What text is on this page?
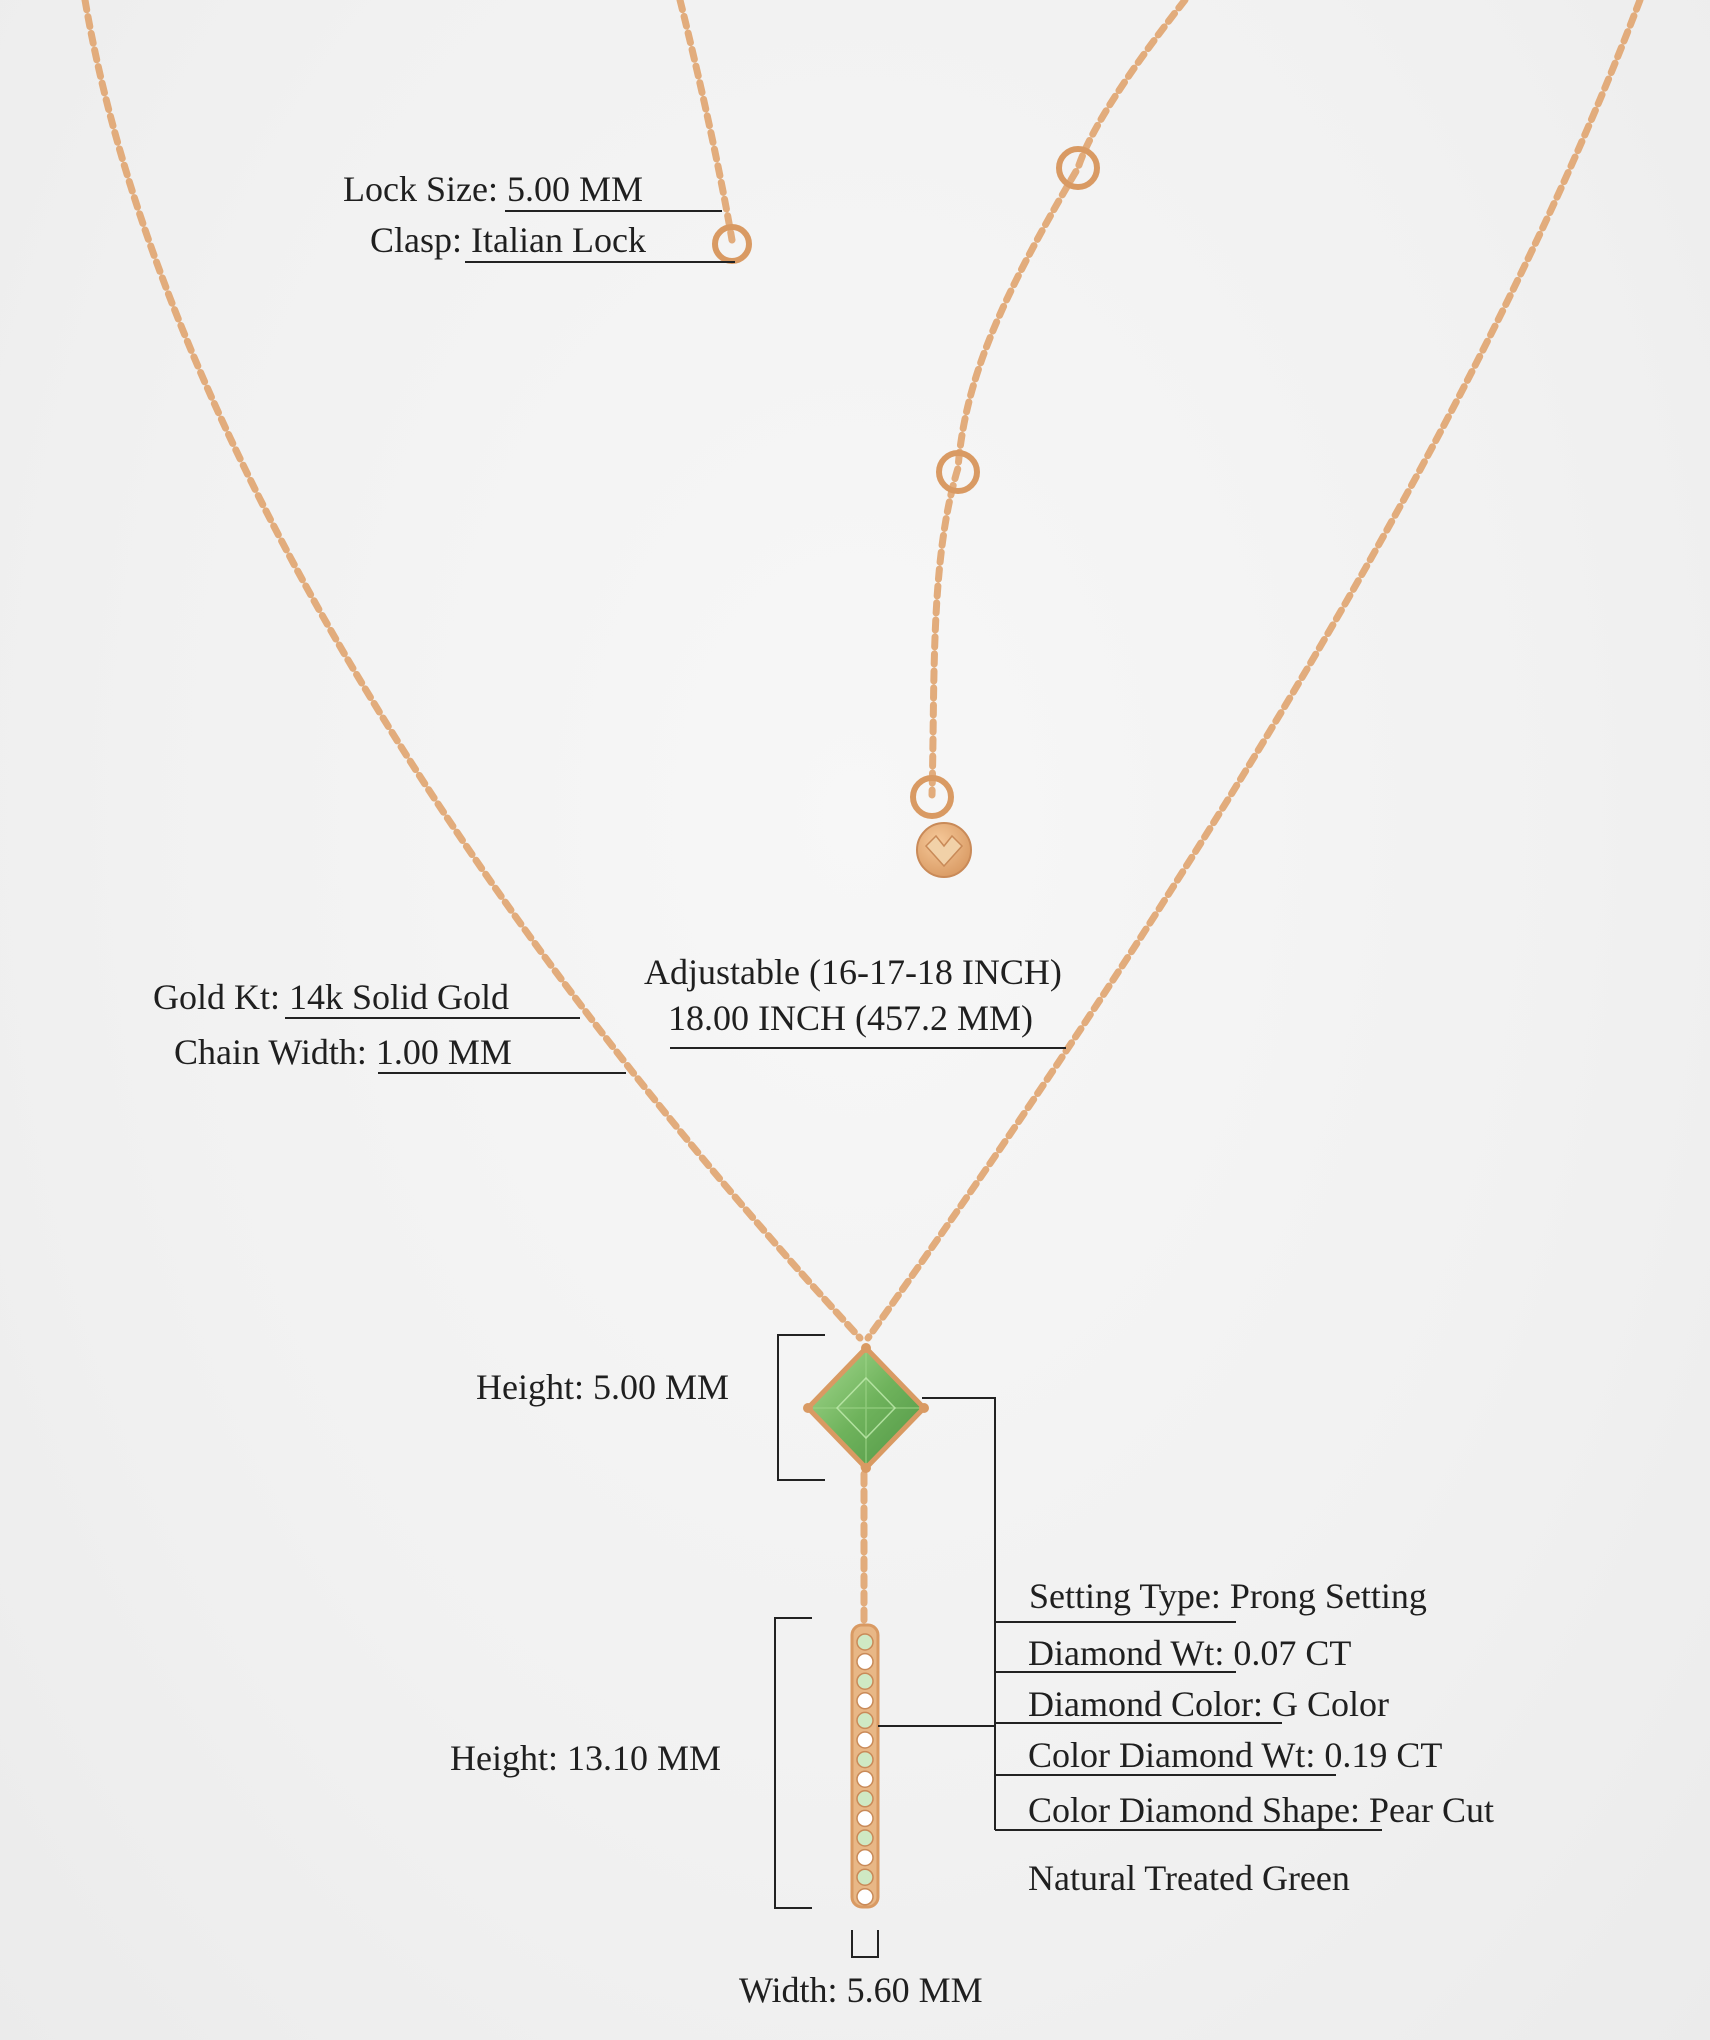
Lock Size: 5.00 MM
Clasp: Italian Lock
Adjustable (16-17-18 INCH)
18.00 INCH (457.2 MM)
Gold Kt: 14k Solid Gold
Chain Width: 1.00 MM
Height: 5.00 MM
Height: 13.10 MM
Width: 5.60 MM
Setting Type: Prong Setting
Diamond Wt: 0.07 CT
Diamond Color: G Color
Color Diamond Wt: 0.19 CT
Color Diamond Shape: Pear Cut
Natural Treated Green
